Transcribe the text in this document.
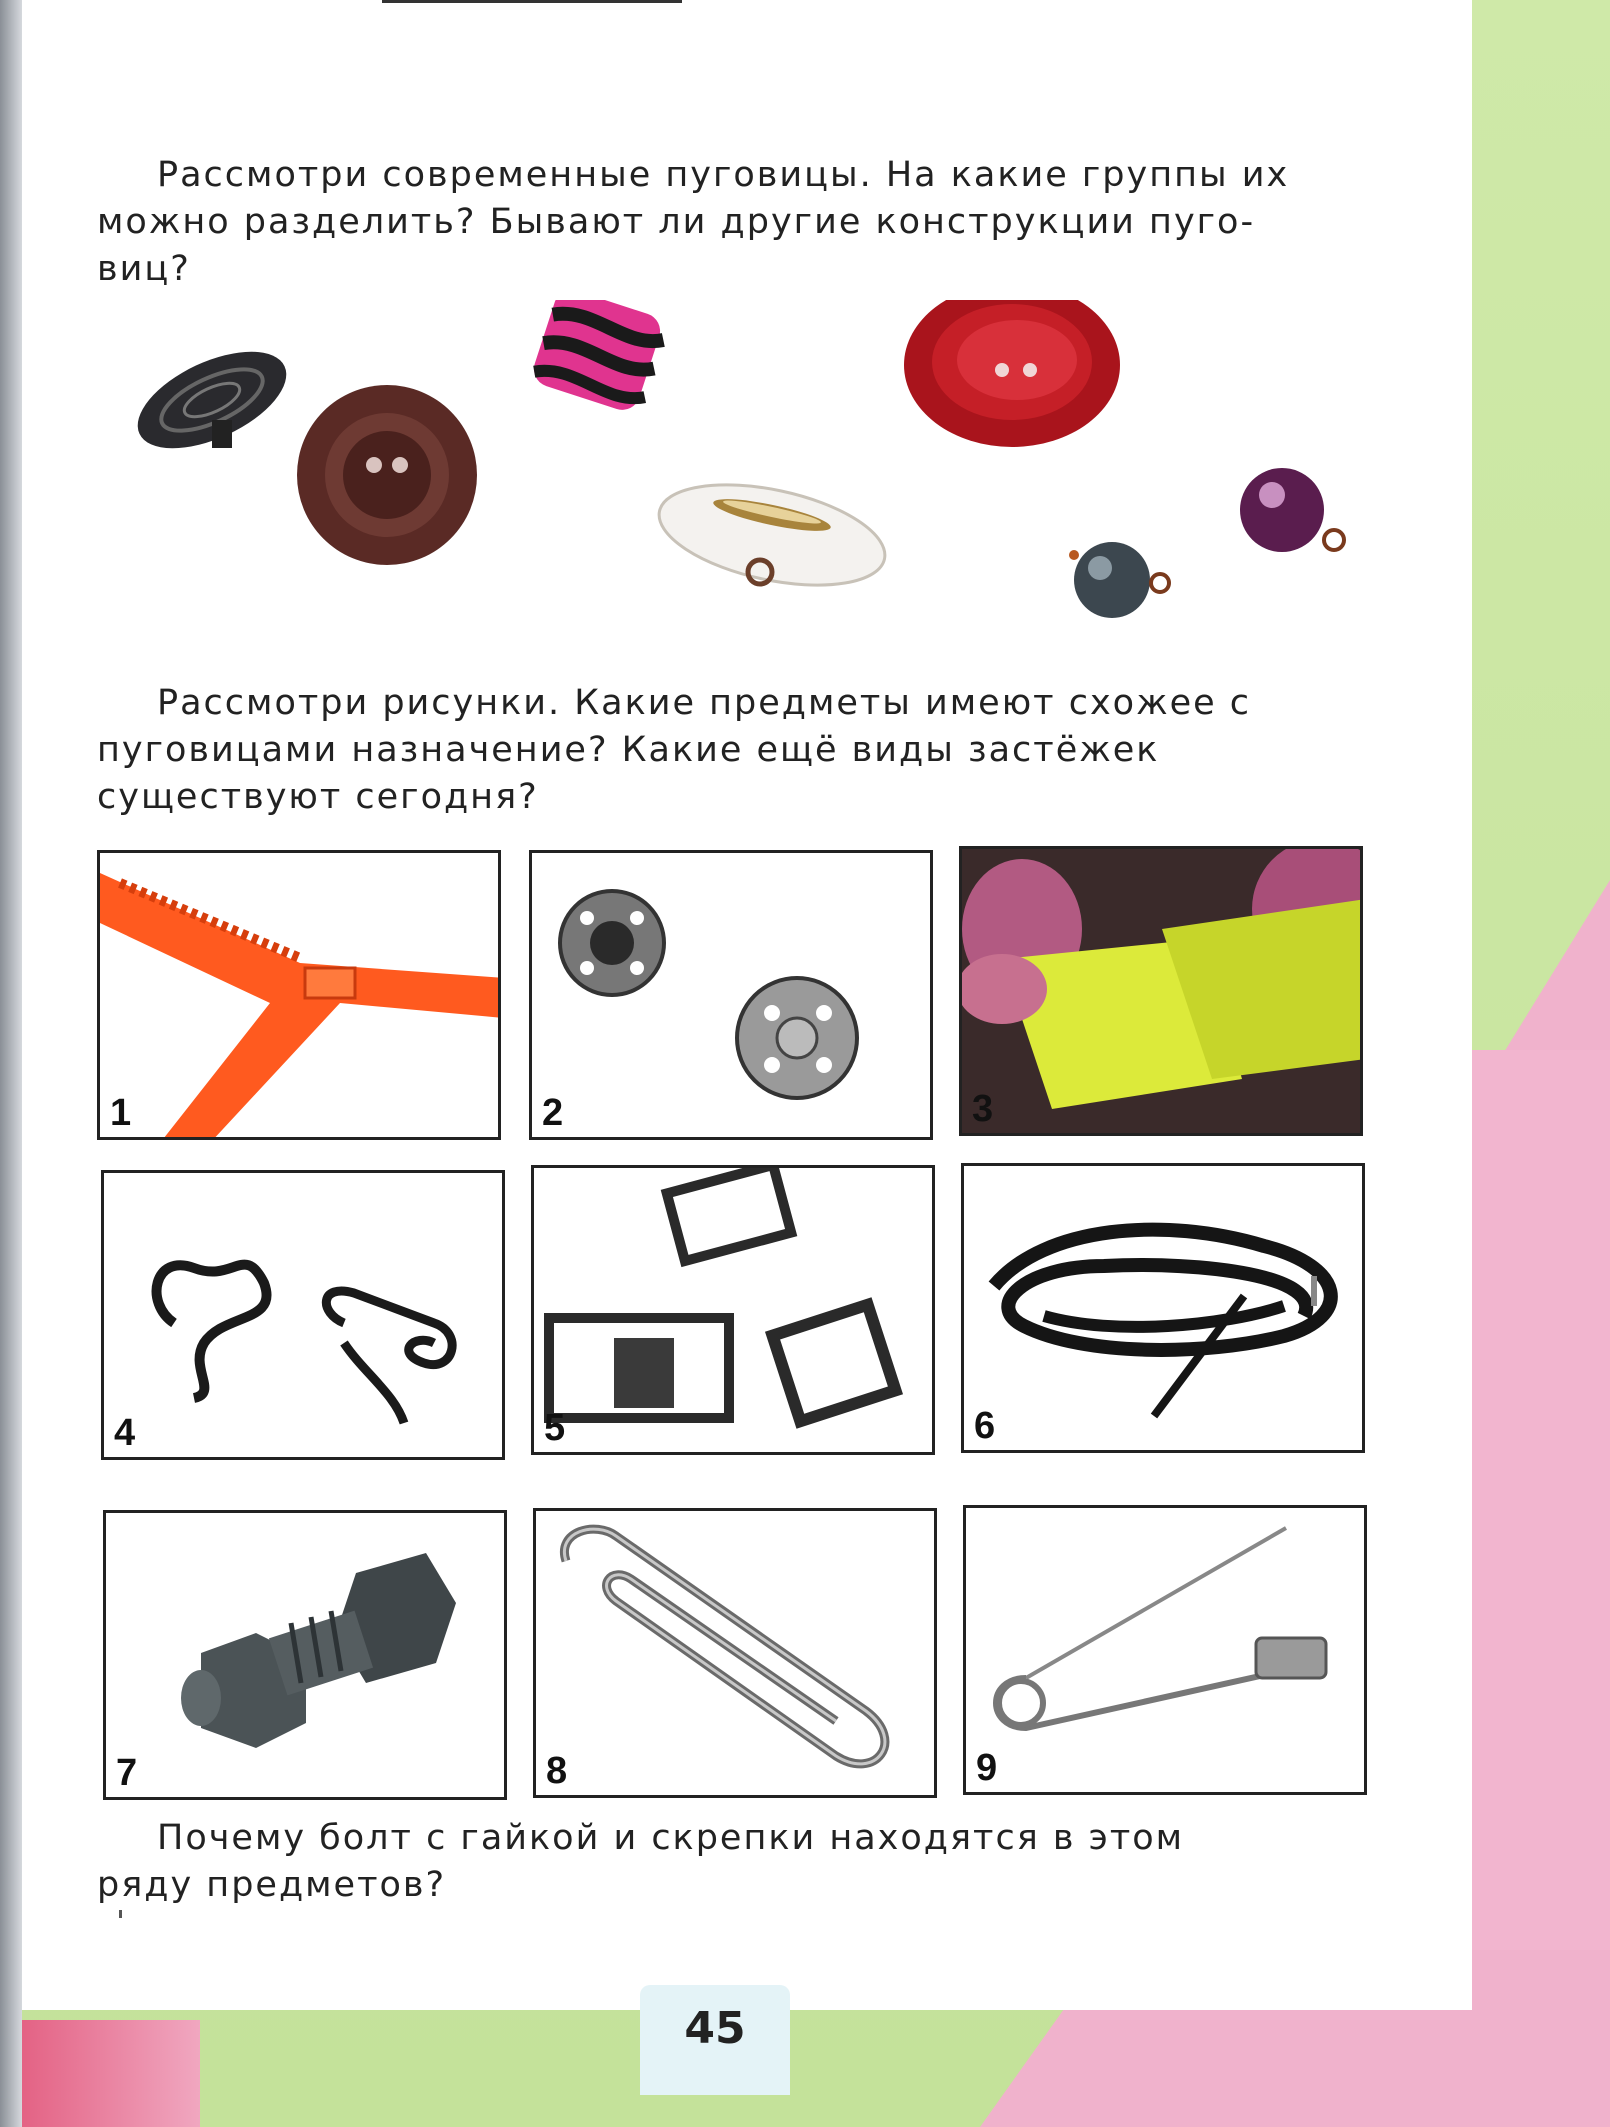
Рассмотри современные пуговицы. На какие группы их
можно разделить? Бывают ли другие конструкции пуго-
виц?
Рассмотри рисунки. Какие предметы имеют схожее с
пуговицами назначение? Какие ещё виды застёжек
существуют сегодня?
1	2	3
4	5	6
7	8	9
Почему болт с гайкой и скрепки находятся в этом
ряду предметов?
45
